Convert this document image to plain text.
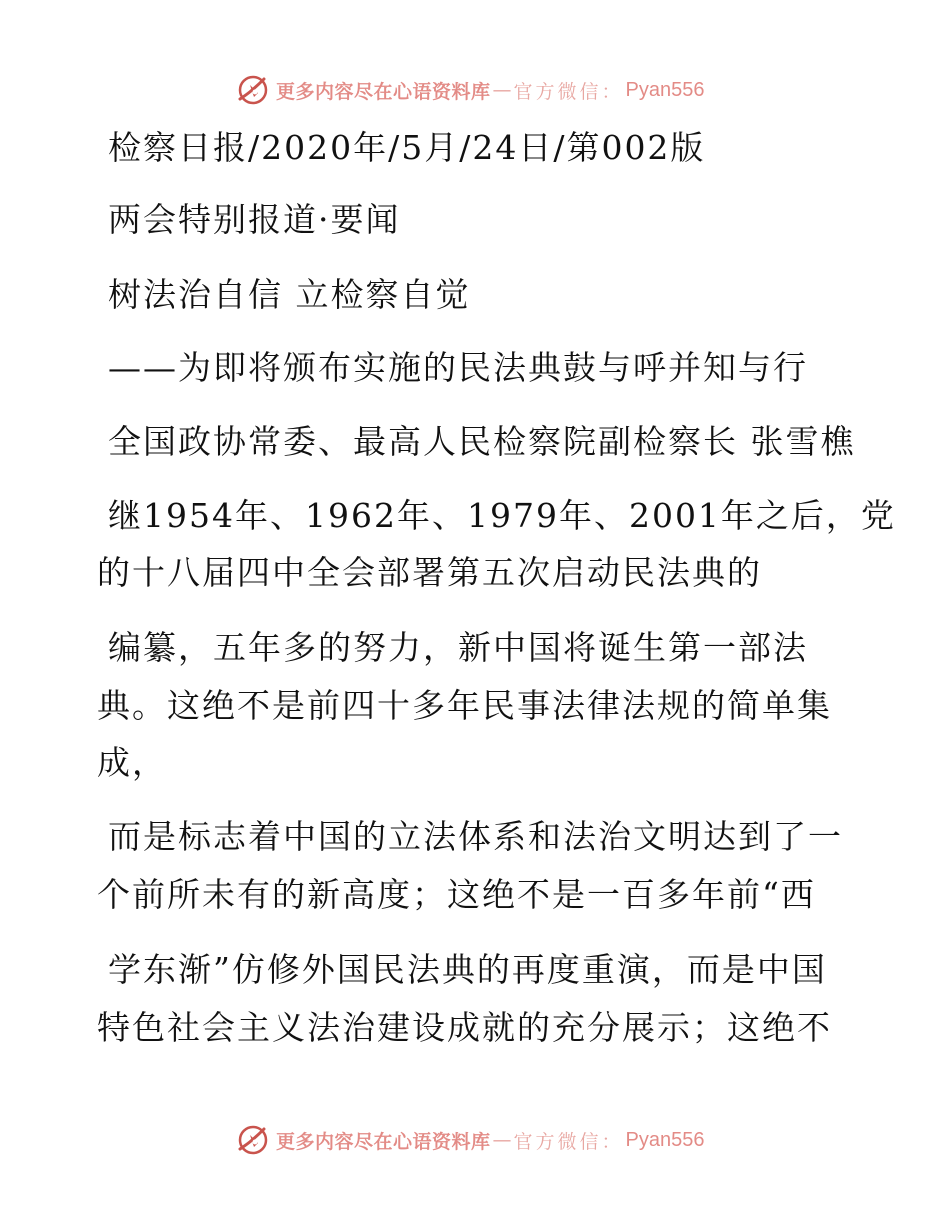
更多内容尽在心语资料库 — 官方微信： Pyan556
检察日报/2020年/5月/24日/第002版
两会特别报道·要闻
树法治自信 立检察自觉
——为即将颁布实施的民法典鼓与呼并知与行
全国政协常委、最高人民检察院副检察长 张雪樵
继1954年、1962年、1979年、2001年之后，党
的十八届四中全会部署第五次启动民法典的
编纂，五年多的努力，新中国将诞生第一部法
典。这绝不是前四十多年民事法律法规的简单集
成，
而是标志着中国的立法体系和法治文明达到了一
个前所未有的新高度；这绝不是一百多年前“西
学东渐”仿修外国民法典的再度重演，而是中国
特色社会主义法治建设成就的充分展示；这绝不
更多内容尽在心语资料库 — 官方微信： Pyan556
